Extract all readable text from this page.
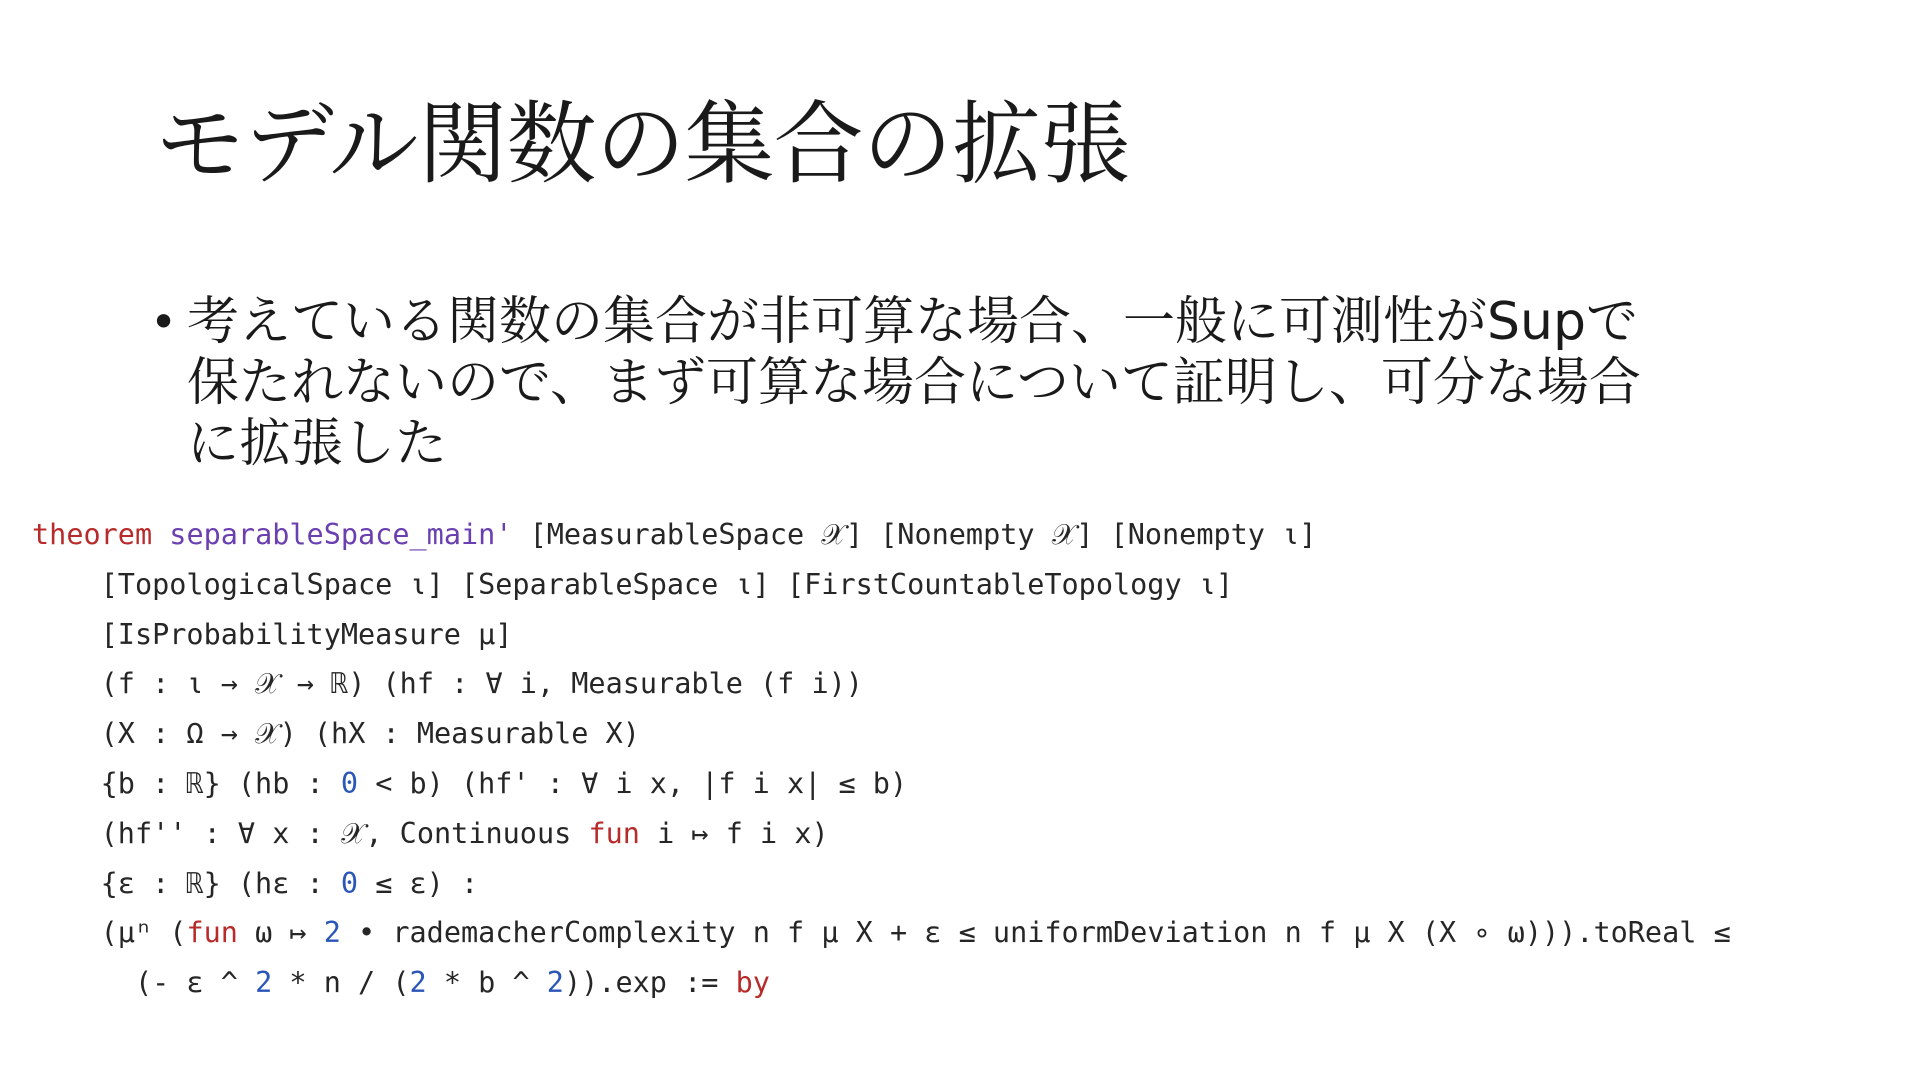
モデル関数の集合の拡張
• 考えている関数の集合が非可算な場合、一般に可測性がSupで
保たれないので、まず可算な場合について証明し、可分な場合
に拡張した
theorem separableSpace_main' [MeasurableSpace 𝒳] [Nonempty 𝒳] [Nonempty ι]
[TopologicalSpace ι] [SeparableSpace ι] [FirstCountableTopology ι]
[IsProbabilityMeasure μ]
(f : ι → 𝒳 → ℝ) (hf : ∀ i, Measurable (f i))
(X : Ω → 𝒳) (hX : Measurable X)
{b : ℝ} (hb : 0 < b) (hf' : ∀ i x, |f i x| ≤ b)
(hf'' : ∀ x : 𝒳, Continuous fun i ↦ f i x)
{ε : ℝ} (hε : 0 ≤ ε) :
(μⁿ (fun ω ↦ 2 • rademacherComplexity n f μ X + ε ≤ uniformDeviation n f μ X (X ∘ ω))).toReal ≤
(- ε ^ 2 * n / (2 * b ^ 2)).exp := by
